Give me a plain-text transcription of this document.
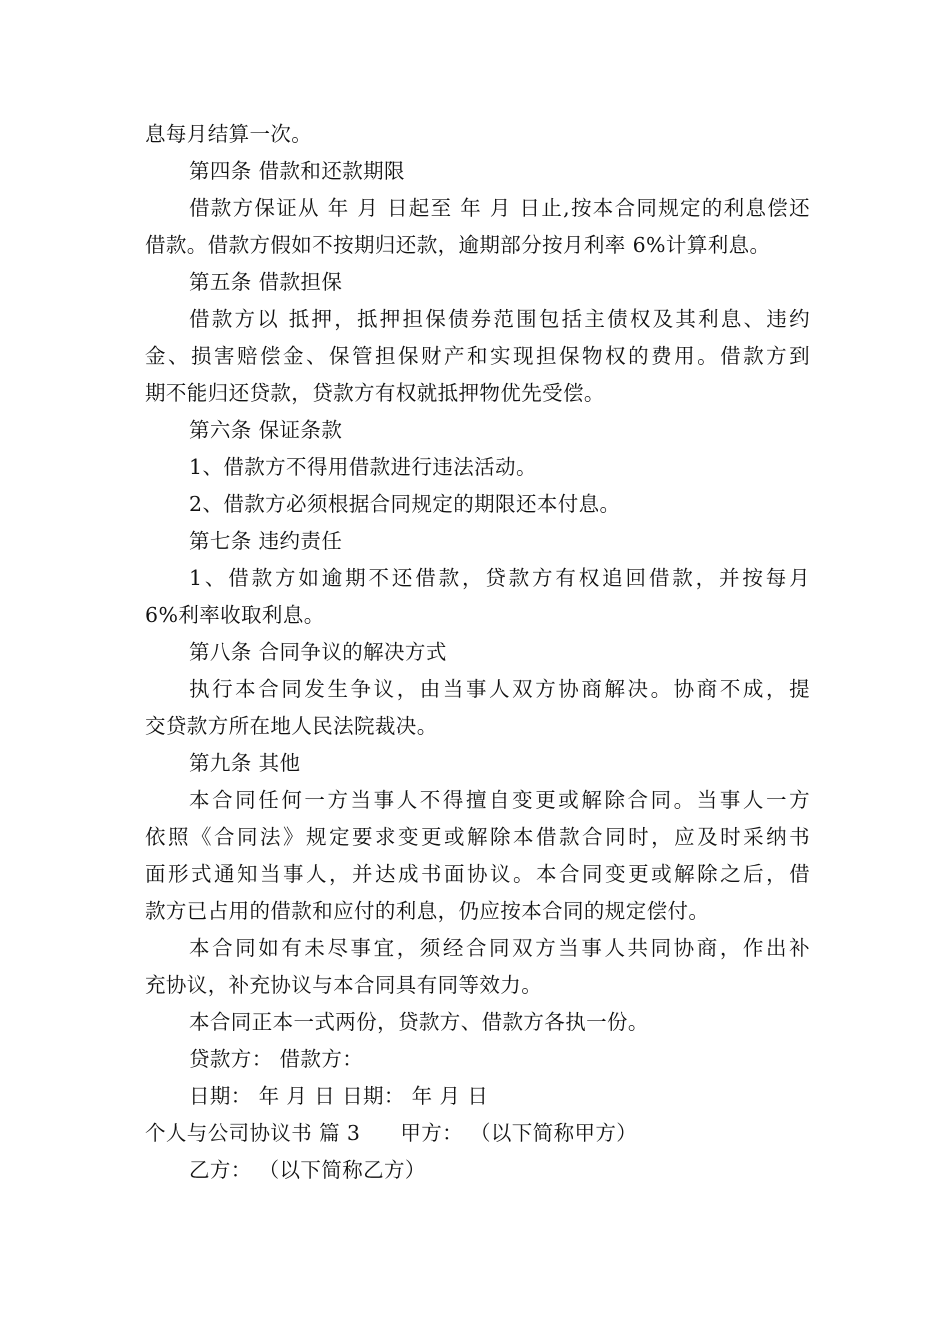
息每月结算一次。
第四条 借款和还款期限
借款方保证从 年 月 日起至 年 月 日止,按本合同规定的利息偿还
借款。借款方假如不按期归还款，逾期部分按月利率 6%计算利息。
第五条 借款担保
借款方以 抵押，抵押担保债券范围包括主债权及其利息、违约
金、损害赔偿金、保管担保财产和实现担保物权的费用。借款方到
期不能归还贷款，贷款方有权就抵押物优先受偿。
第六条 保证条款
1、借款方不得用借款进行违法活动。
2、借款方必须根据合同规定的期限还本付息。
第七条 违约责任
1、借款方如逾期不还借款，贷款方有权追回借款，并按每月
6%利率收取利息。
第八条 合同争议的解决方式
执行本合同发生争议，由当事人双方协商解决。协商不成，提
交贷款方所在地人民法院裁决。
第九条 其他
本合同任何一方当事人不得擅自变更或解除合同。当事人一方
依照《合同法》规定要求变更或解除本借款合同时，应及时采纳书
面形式通知当事人，并达成书面协议。本合同变更或解除之后，借
款方已占用的借款和应付的利息，仍应按本合同的规定偿付。
本合同如有未尽事宜，须经合同双方当事人共同协商，作出补
充协议，补充协议与本合同具有同等效力。
本合同正本一式两份，贷款方、借款方各执一份。
贷款方： 借款方：
日期： 年 月 日 日期： 年 月 日
个人与公司协议书 篇 3 甲方： （以下简称甲方）
乙方： （以下简称乙方）
